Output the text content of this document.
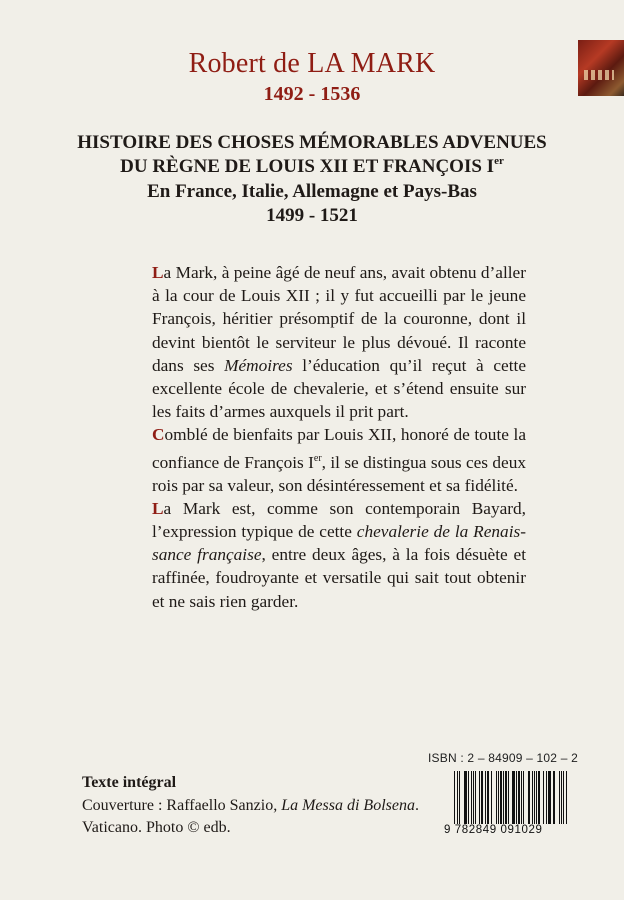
Robert de LA MARK
1492 - 1536
HISTOIRE DES CHOSES MÉMORABLES ADVENUES
DU RÈGNE DE LOUIS XII ET FRANÇOIS Ier
En France, Italie, Allemagne et Pays-Bas
1499 - 1521

La Mark, à peine âgé de neuf ans, avait obtenu d’aller à la cour de Louis XII ; il y fut accueilli par le jeune François, héritier présomptif de la couronne, dont il devint bientôt le serviteur le plus dévoué. Il raconte dans ses Mémoires l’éducation qu’il reçut à cette excellente école de chevalerie, et s’étend ensuite sur les faits d’armes auxquels il prit part.

Comblé de bienfaits par Louis XII, honoré de toute la confiance de François Ier, il se distingua sous ces deux rois par sa valeur, son désintéressement et sa fidélité.

La Mark est, comme son contemporain Bayard, l’expression typique de cette chevalerie de la Renaissance française, entre deux âges, à la fois désuète et raffinée, foudroyante et versatile qui sait tout obtenir et ne sais rien garder.

ISBN : 2 – 84909 – 102 – 2
9 782849 091029
Texte intégral
Couverture : Raffaello Sanzio, La Messa di Bolsena.
Vaticano. Photo © edb.
